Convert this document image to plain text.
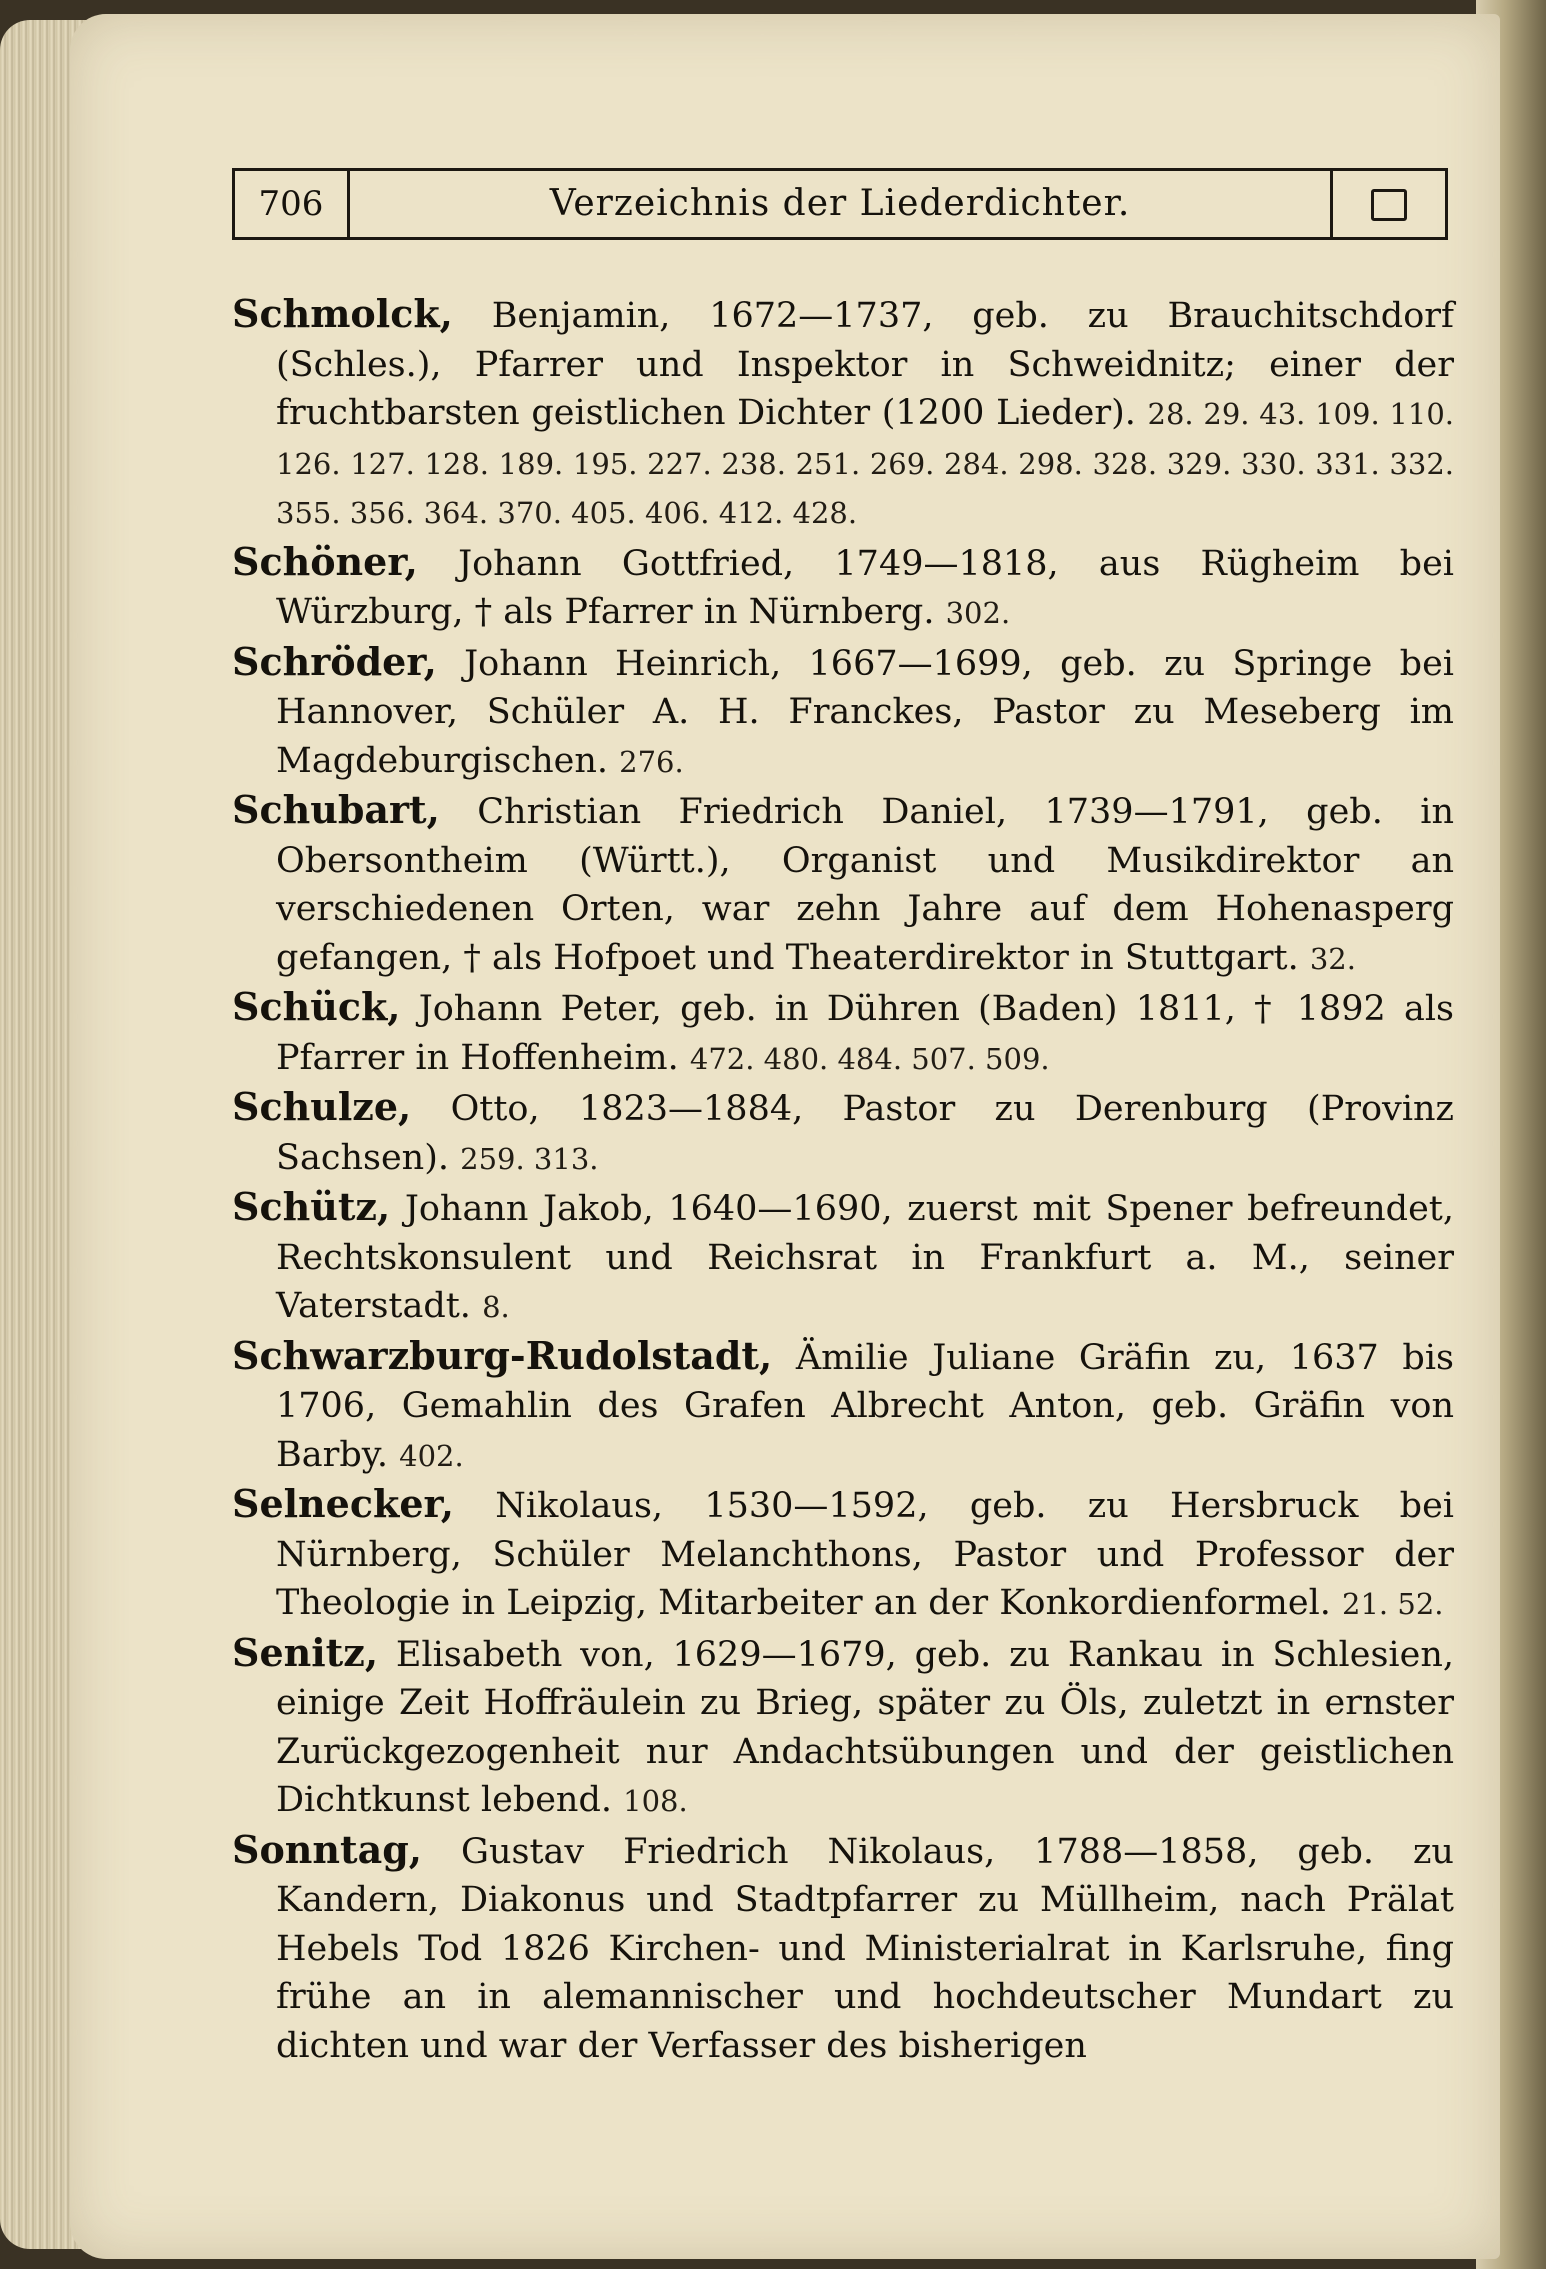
706	Verzeichnis der Liederdichter.
Schmolck, Benjamin, 1672—1737, geb. zu Brauchitschdorf (Schles.), Pfarrer und Inspektor in Schweidnitz; einer der fruchtbarsten geistlichen Dichter (1200 Lieder). 28. 29. 43. 109. 110. 126. 127. 128. 189. 195. 227. 238. 251. 269. 284. 298. 328. 329. 330. 331. 332. 355. 356. 364. 370. 405. 406. 412. 428.
Schöner, Johann Gottfried, 1749—1818, aus Rügheim bei Würzburg, † als Pfarrer in Nürnberg. 302.
Schröder, Johann Heinrich, 1667—1699, geb. zu Springe bei Hannover, Schüler A. H. Franckes, Pastor zu Meseberg im Magdeburgischen. 276.
Schubart, Christian Friedrich Daniel, 1739—1791, geb. in Obersontheim (Württ.), Organist und Musikdirektor an verschiedenen Orten, war zehn Jahre auf dem Hohenasperg gefangen, † als Hofpoet und Theaterdirektor in Stuttgart. 32.
Schück, Johann Peter, geb. in Dühren (Baden) 1811, † 1892 als Pfarrer in Hoffenheim. 472. 480. 484. 507. 509.
Schulze, Otto, 1823—1884, Pastor zu Derenburg (Provinz Sachsen). 259. 313.
Schütz, Johann Jakob, 1640—1690, zuerst mit Spener befreundet, Rechtskonsulent und Reichsrat in Frankfurt a. M., seiner Vaterstadt. 8.
Schwarzburg-Rudolstadt, Ämilie Juliane Gräfin zu, 1637 bis 1706, Gemahlin des Grafen Albrecht Anton, geb. Gräfin von Barby. 402.
Selnecker, Nikolaus, 1530—1592, geb. zu Hersbruck bei Nürnberg, Schüler Melanchthons, Pastor und Professor der Theologie in Leipzig, Mitarbeiter an der Konkordienformel. 21. 52.
Senitz, Elisabeth von, 1629—1679, geb. zu Rankau in Schlesien, einige Zeit Hoffräulein zu Brieg, später zu Öls, zuletzt in ernster Zurückgezogenheit nur Andachtsübungen und der geistlichen Dichtkunst lebend. 108.
Sonntag, Gustav Friedrich Nikolaus, 1788—1858, geb. zu Kandern, Diakonus und Stadtpfarrer zu Müllheim, nach Prälat Hebels Tod 1826 Kirchen- und Ministerialrat in Karlsruhe, fing frühe an in alemannischer und hochdeutscher Mundart zu dichten und war der Verfasser des bisherigen
